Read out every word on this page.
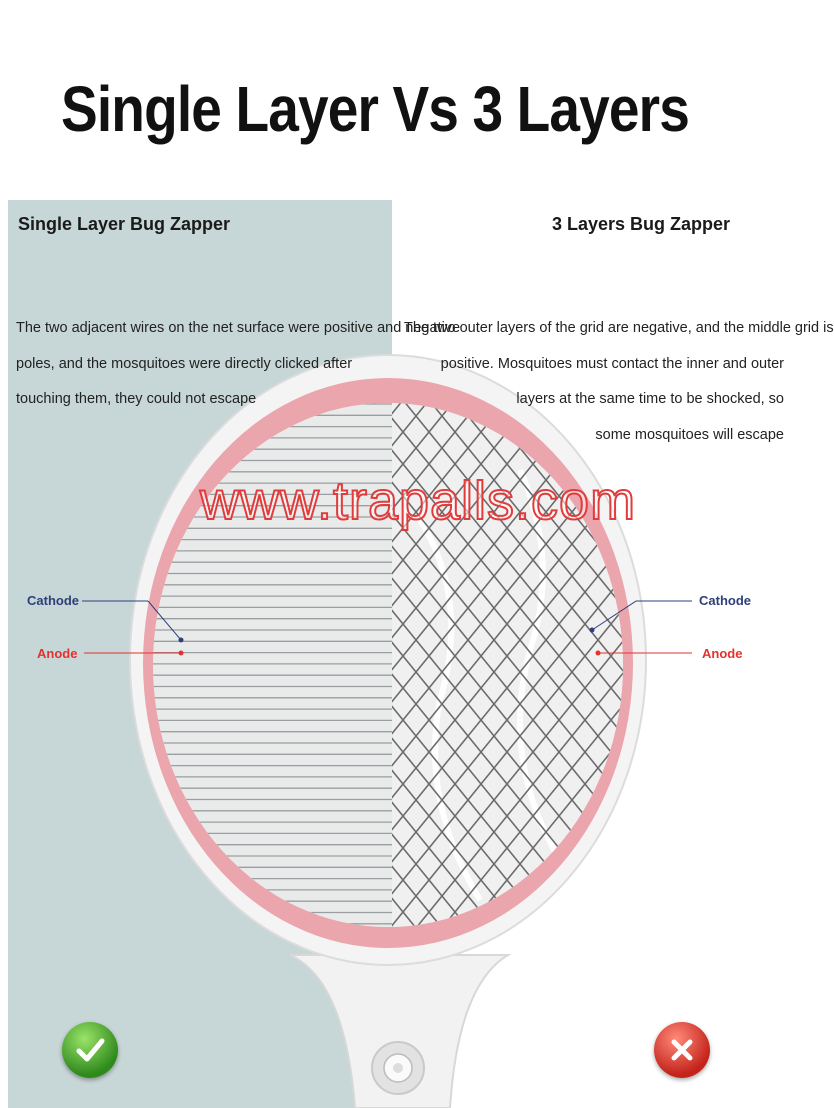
Single Layer Vs 3 Layers
Single Layer Bug Zapper	3 Layers Bug Zapper
The two adjacent wires on the net surface were positive and negative
poles, and the mosquitoes were directly clicked after
touching them, they could not escape
The two outer layers of the grid are negative, and the middle grid is
positive. Mosquitoes must contact the inner and outer
layers at the same time to be shocked, so
some mosquitoes will escape
www.trapalls.com
Cathode
Anode
Cathode
Anode
